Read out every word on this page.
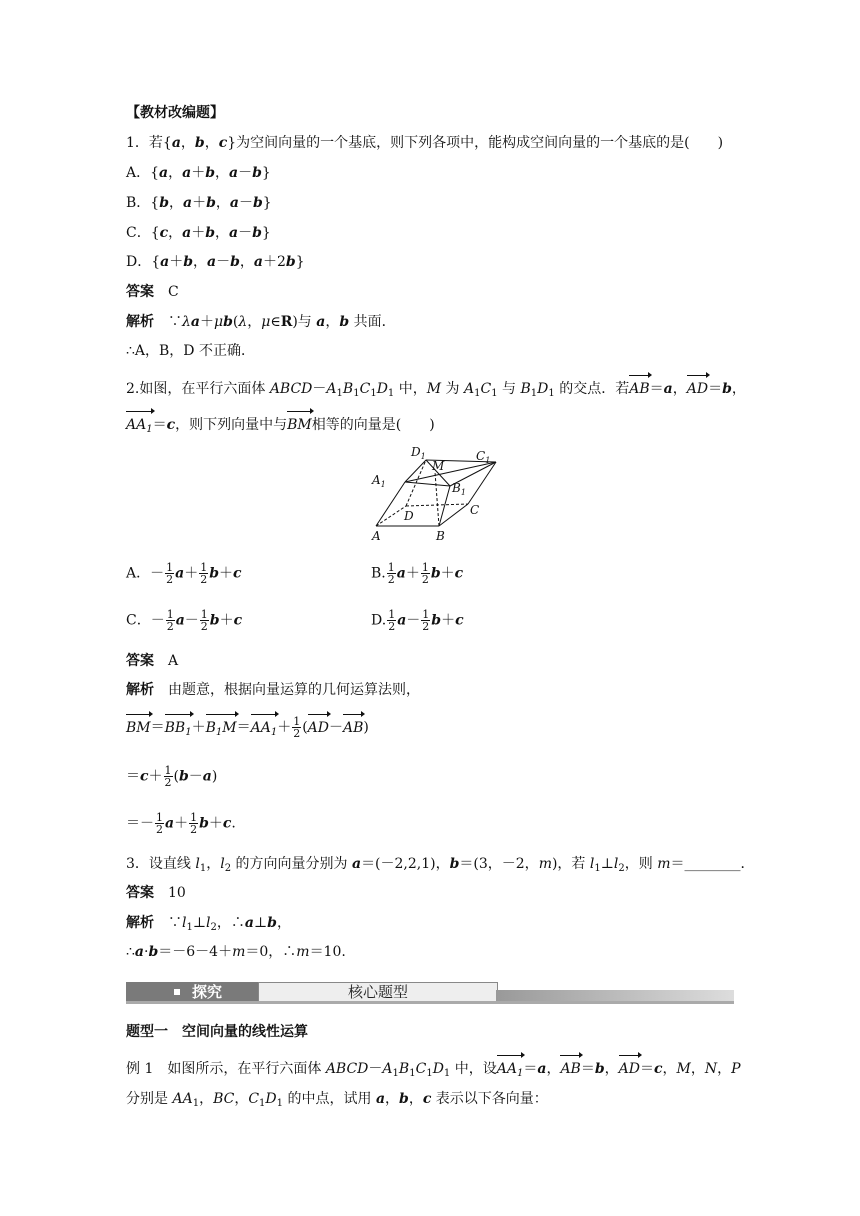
【教材改编题】
1．若{a，b，c}为空间向量的一个基底，则下列各项中，能构成空间向量的一个基底的是(　　)
A．{a，a＋b，a－b}
B．{b，a＋b，a－b}
C．{c，a＋b，a－b}
D．{a＋b，a－b，a＋2b}
答案　 C
解析　∵λa＋μb(λ，μ∈R)与 a，b 共面．
∴A，B，D 不正确．
2.如图，在平行六面体 $ABCD-A_1B_1C_1D_1$ 中，M 为 $A_1C_1$ 与 $B_1D_1$ 的交点．若AB＝a，AD＝b，
$AA_1=c$，则下列向量中与BM相等的向量是(　　)
$D_1$
M
$C_1$
$A_1$	$B_1$
D	C
A	B
A．－ $\frac{1}{2} a+ \frac{1}{2} b+c$	B. $\frac{1}{2} a+ \frac{1}{2} b+c$
C．－ $\frac{1}{2} a- \frac{1}{2} b+c$	D. $\frac{1}{2} a- \frac{1}{2} b+c$
答案　 A
解析　 由题意，根据向量运算的几何运算法则，
$BM=BB_1+B_1M=AA_1+ \frac{1}{2} (AD-AB)$
$=c+ \frac{1}{2} (b-a)$
＝－ $\frac{1}{2} a+ \frac{1}{2} b+c$.
3．设直线 $l_1$，$l_2$ 的方向向量分别为 a＝(－2,2,1)，b＝(3，－2，m)，若 $l_1\perp l_2$，则 m＝________．
答案　 10
解析　$\because l_1\perp l_2$，∴a⊥b，
∴a·b＝－6－4＋m＝0，∴m＝10.
探究	核心题型
题型一　空间向量的线性运算
例 1　如图所示，在平行六面体 $ABCD-A_1B_1C_1D_1$ 中，设$AA_1=a$，AB＝b，AD＝c，M，N，P
分别是 $AA_1$，BC，$C_1D_1$ 的中点，试用 a，b，c 表示以下各向量：
